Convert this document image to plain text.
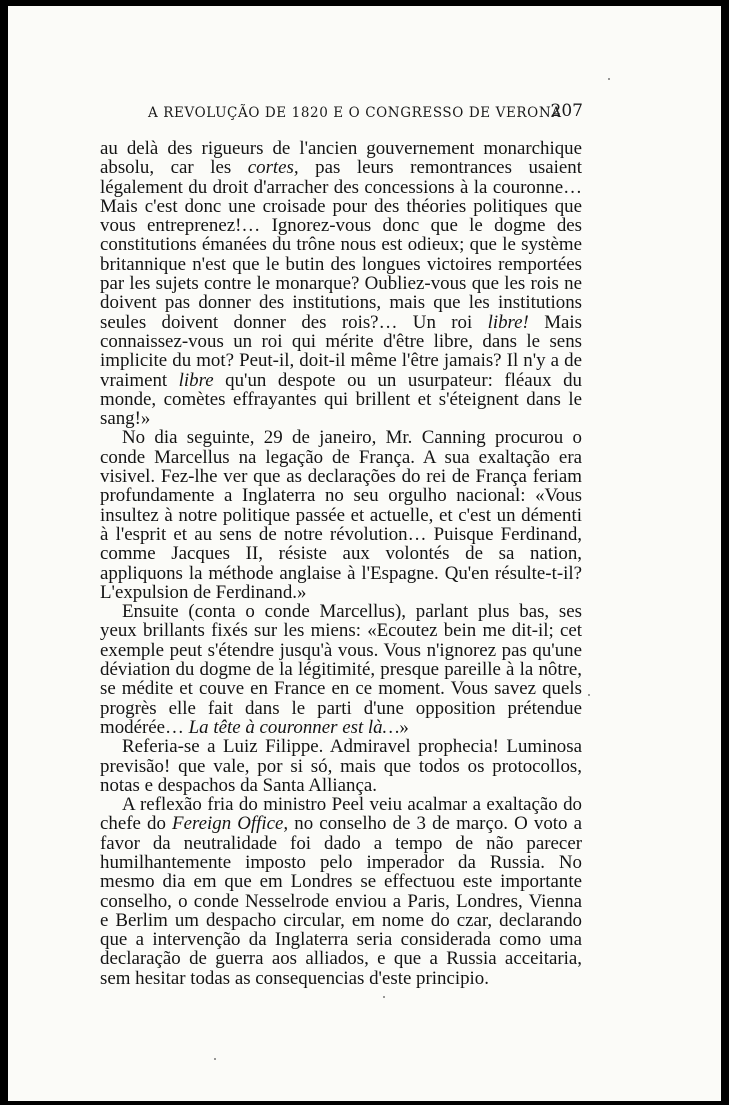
A REVOLUÇÃO DE 1820 E O CONGRESSO DE VERONA
207

au delà des rigueurs de l'ancien gouvernement monarchique absolu, car les cortes, pas leurs remontrances usaient légalement du droit d'arracher des concessions à la couronne… Mais c'est donc une croisade pour des théories politiques que vous entreprenez!… Ignorez-vous donc que le dogme des constitutions émanées du trône nous est odieux; que le système britannique n'est que le butin des longues victoires remportées par les sujets contre le monarque? Oubliez-vous que les rois ne doivent pas donner des institutions, mais que les institutions seules doivent donner des rois?… Un roi libre! Mais connaissez-vous un roi qui mérite d'être libre, dans le sens implicite du mot? Peut-il, doit-il même l'être jamais? Il n'y a de vraiment libre qu'un despote ou un usurpateur: fléaux du monde, comètes effrayantes qui brillent et s'éteignent dans le sang!»

No dia seguinte, 29 de janeiro, Mr. Canning procurou o conde Marcellus na legação de França. A sua exaltação era visivel. Fez-lhe ver que as declarações do rei de França feriam profundamente a Inglaterra no seu orgulho nacional: «Vous insultez à notre politique passée et actuelle, et c'est un démenti à l'esprit et au sens de notre révolution… Puisque Ferdinand, comme Jacques II, résiste aux volontés de sa nation, appliquons la méthode anglaise à l'Espagne. Qu'en résulte-t-il? L'expulsion de Ferdinand.»

Ensuite (conta o conde Marcellus), parlant plus bas, ses yeux brillants fixés sur les miens: «Ecoutez bein me dit-il; cet exemple peut s'étendre jusqu'à vous. Vous n'ignorez pas qu'une déviation du dogme de la légitimité, presque pareille à la nôtre, se médite et couve en France en ce moment. Vous savez quels progrès elle fait dans le parti d'une opposition prétendue modérée… La tête à couronner est là…»

Referia-se a Luiz Filippe. Admiravel prophecia! Luminosa previsão! que vale, por si só, mais que todos os protocollos, notas e despachos da Santa Alliança.

A reflexão fria do ministro Peel veiu acalmar a exaltação do chefe do Fereign Office, no conselho de 3 de março. O voto a favor da neutralidade foi dado a tempo de não parecer humilhantemente imposto pelo imperador da Russia. No mesmo dia em que em Londres se effectuou este importante conselho, o conde Nesselrode enviou a Paris, Londres, Vienna e Berlim um despacho circular, em nome do czar, declarando que a intervenção da Inglaterra seria considerada como uma declaração de guerra aos alliados, e que a Russia acceitaria, sem hesitar todas as consequencias d'este principio.
